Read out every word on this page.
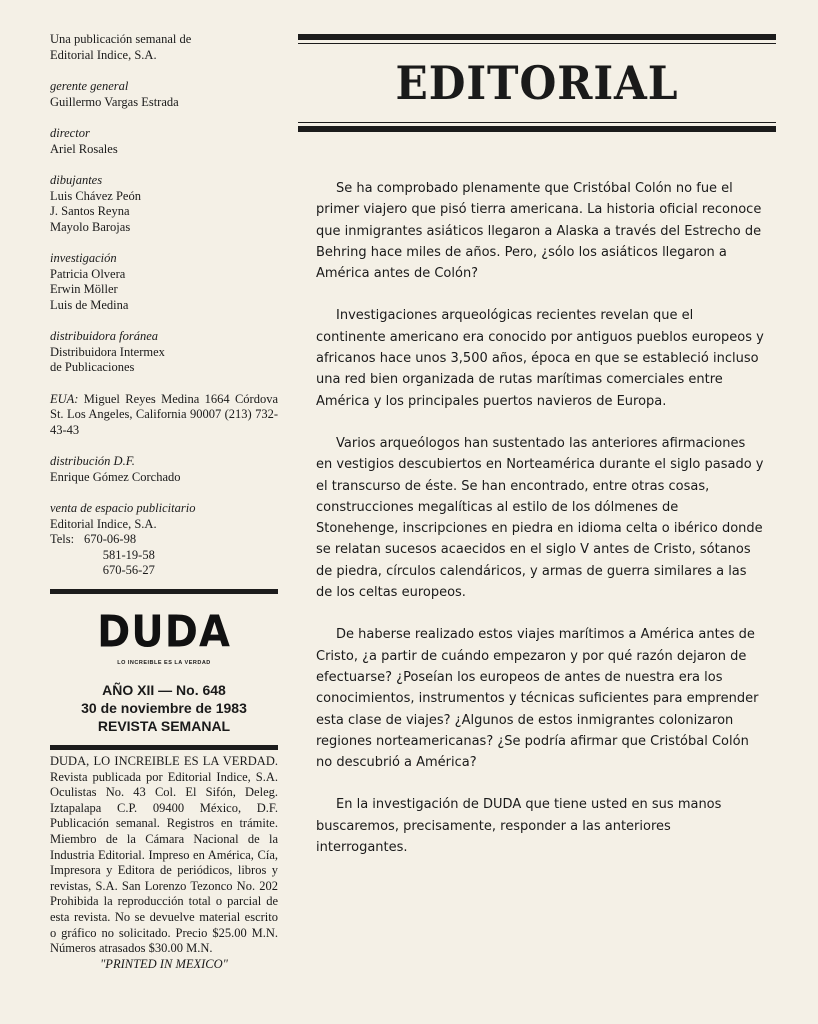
Una publicación semanal de
Editorial Indice, S.A.
gerente general
Guillermo Vargas Estrada
director
Ariel Rosales
dibujantes
Luis Chávez Peón
J. Santos Reyna
Mayolo Barojas
investigación
Patricia Olvera
Erwin Möller
Luis de Medina
distribuidora foránea
Distribuidora Intermex
de Publicaciones
EUA: Miguel Reyes Medina 1664 Córdova St. Los Angeles, California 90007 (213) 732-43-43
distribución D.F.
Enrique Gómez Corchado
venta de espacio publicitario
Editorial Indice, S.A.
Tels: 670-06-98
581-19-58
670-56-27
DUDA
LO INCREIBLE ES LA VERDAD
AÑO XII — No. 648
30 de noviembre de 1983
REVISTA SEMANAL
DUDA, LO INCREIBLE ES LA VERDAD. Revista publicada por Editorial Indice, S.A. Oculistas No. 43 Col. El Sifón, Deleg. Iztapalapa C.P. 09400 México, D.F. Publicación semanal. Registros en trámite. Miembro de la Cámara Nacional de la Industria Editorial. Impreso en América, Cía, Impresora y Editora de periódicos, libros y revistas, S.A. San Lorenzo Tezonco No. 202 Prohibida la reproducción total o parcial de esta revista. No se devuelve material escrito o gráfico no solicitado. Precio $25.00 M.N. Números atrasados $30.00 M.N.
"PRINTED IN MEXICO"
EDITORIAL

Se ha comprobado plenamente que Cristóbal Colón no fue el primer viajero que pisó tierra americana. La historia oficial reconoce que inmigrantes asiáticos llegaron a Alaska a través del Estrecho de Behring hace miles de años. Pero, ¿sólo los asiáticos llegaron a América antes de Colón?

Investigaciones arqueológicas recientes revelan que el continente americano era conocido por antiguos pueblos europeos y africanos hace unos 3,500 años, época en que se estableció incluso una red bien organizada de rutas marítimas comerciales entre América y los principales puertos navieros de Europa.

Varios arqueólogos han sustentado las anteriores afirmaciones en vestigios descubiertos en Norteamérica durante el siglo pasado y el transcurso de éste. Se han encontrado, entre otras cosas, construcciones megalíticas al estilo de los dólmenes de Stonehenge, inscripciones en piedra en idioma celta o ibérico donde se relatan sucesos acaecidos en el siglo V antes de Cristo, sótanos de piedra, círculos calendáricos, y armas de guerra similares a las de los celtas europeos.

De haberse realizado estos viajes marítimos a América antes de Cristo, ¿a partir de cuándo empezaron y por qué razón dejaron de efectuarse? ¿Poseían los europeos de antes de nuestra era los conocimientos, instrumentos y técnicas suficientes para emprender esta clase de viajes? ¿Algunos de estos inmigrantes colonizaron regiones norteamericanas? ¿Se podría afirmar que Cristóbal Colón no descubrió a América?

En la investigación de DUDA que tiene usted en sus manos buscaremos, precisamente, responder a las anteriores interrogantes.
